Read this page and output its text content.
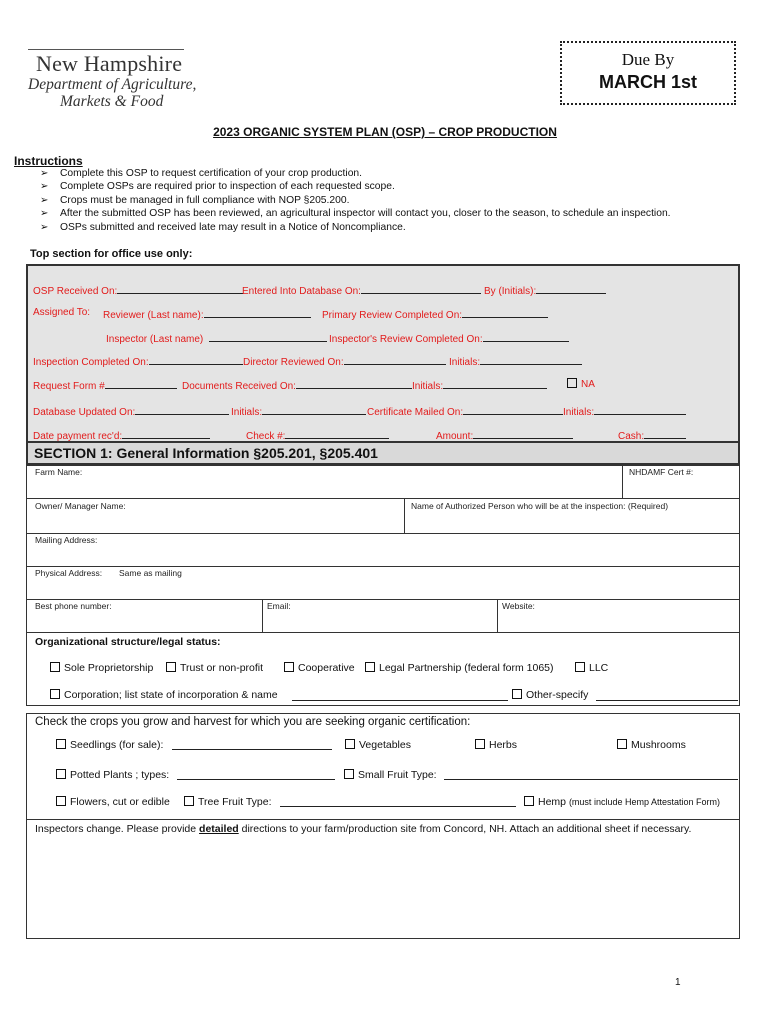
New Hampshire
Department of Agriculture,
Markets & Food
Due By
MARCH 1st
2023 ORGANIC SYSTEM PLAN (OSP) – CROP PRODUCTION
Instructions
➢ Complete this OSP to request certification of your crop production.
➢ Complete OSPs are required prior to inspection of each requested scope.
➢ Crops must be managed in full compliance with NOP §205.200.
➢ After the submitted OSP has been reviewed, an agricultural inspector will contact you, closer to the season, to schedule an inspection.
➢ OSPs submitted and received late may result in a Notice of Noncompliance.
Top section for office use only:
OSP Received On:	Entered Into Database On:	By (Initials):
Assigned To: Reviewer (Last name):	Primary Review Completed On:
Inspector (Last name)	Inspector's Review Completed On:
Inspection Completed On:	Director Reviewed On:	Initials:
Request Form #	Documents Received On:	Initials:	NA
Database Updated On:	Initials:	Certificate Mailed On:	Initials:
Date payment rec'd:	Check #:	Amount:	Cash:
SECTION 1: General Information §205.201, §205.401
Farm Name:	NHDAMF Cert #:
Owner/ Manager Name:	Name of Authorized Person who will be at the inspection: (Required)
Mailing Address:
Physical Address: Same as mailing
Best phone number:	Email:	Website:
Organizational structure/legal status:
Sole Proprietorship	Trust or non-profit	Cooperative	Legal Partnership (federal form 1065)	LLC
Corporation; list state of incorporation & name	Other-specify
Check the crops you grow and harvest for which you are seeking organic certification:
Seedlings (for sale):	Vegetables	Herbs	Mushrooms
Potted Plants ; types:	Small Fruit Type:
Flowers, cut or edible	Tree Fruit Type:	Hemp (must include Hemp Attestation Form)
Inspectors change. Please provide detailed directions to your farm/production site from Concord, NH. Attach an additional sheet if necessary.
1
